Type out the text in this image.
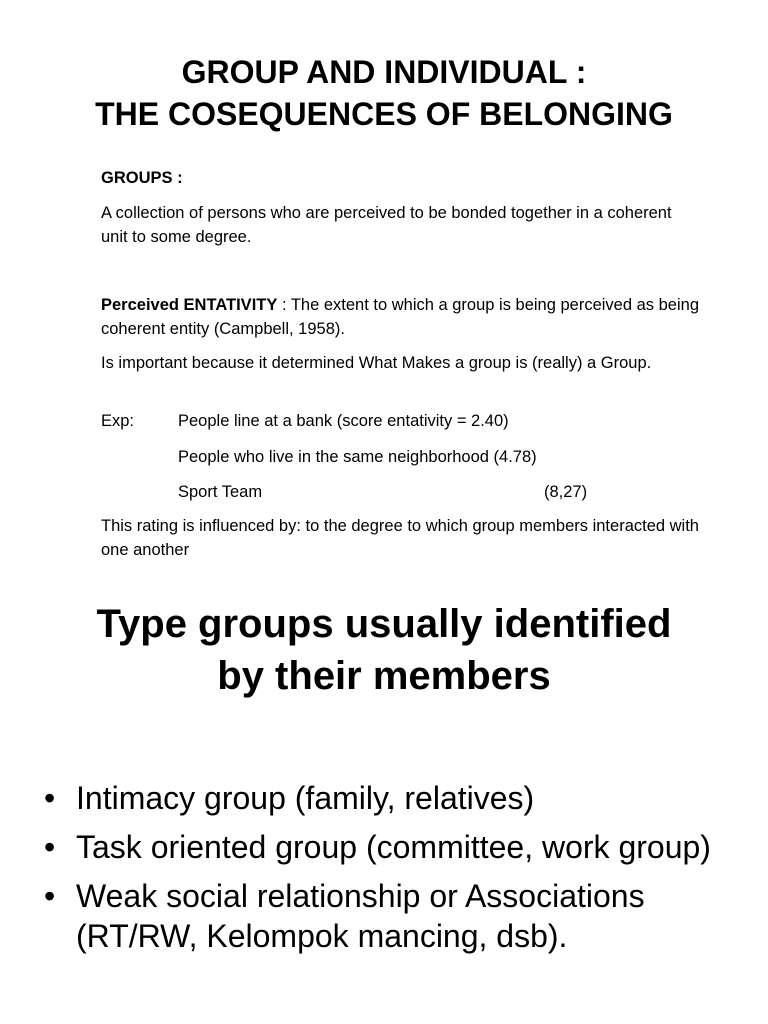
GROUP AND INDIVIDUAL :
THE COSEQUENCES OF BELONGING
GROUPS :
A collection of persons who are perceived to be bonded together in a coherent unit to some degree.
Perceived ENTATIVITY : The extent to which a group is being perceived as being coherent entity (Campbell, 1958).
Is important because it determined What Makes a group is (really) a Group.
Exp:	People line at a bank (score entativity = 2.40)
People who live in the same neighborhood (4.78)
Sport Team	(8,27)
This rating is influenced by: to the degree to which group members interacted with one another
Type groups usually identified
by their members
• Intimacy group (family, relatives)
• Task oriented group (committee, work group)
• Weak social relationship or Associations (RT/RW, Kelompok mancing, dsb).
